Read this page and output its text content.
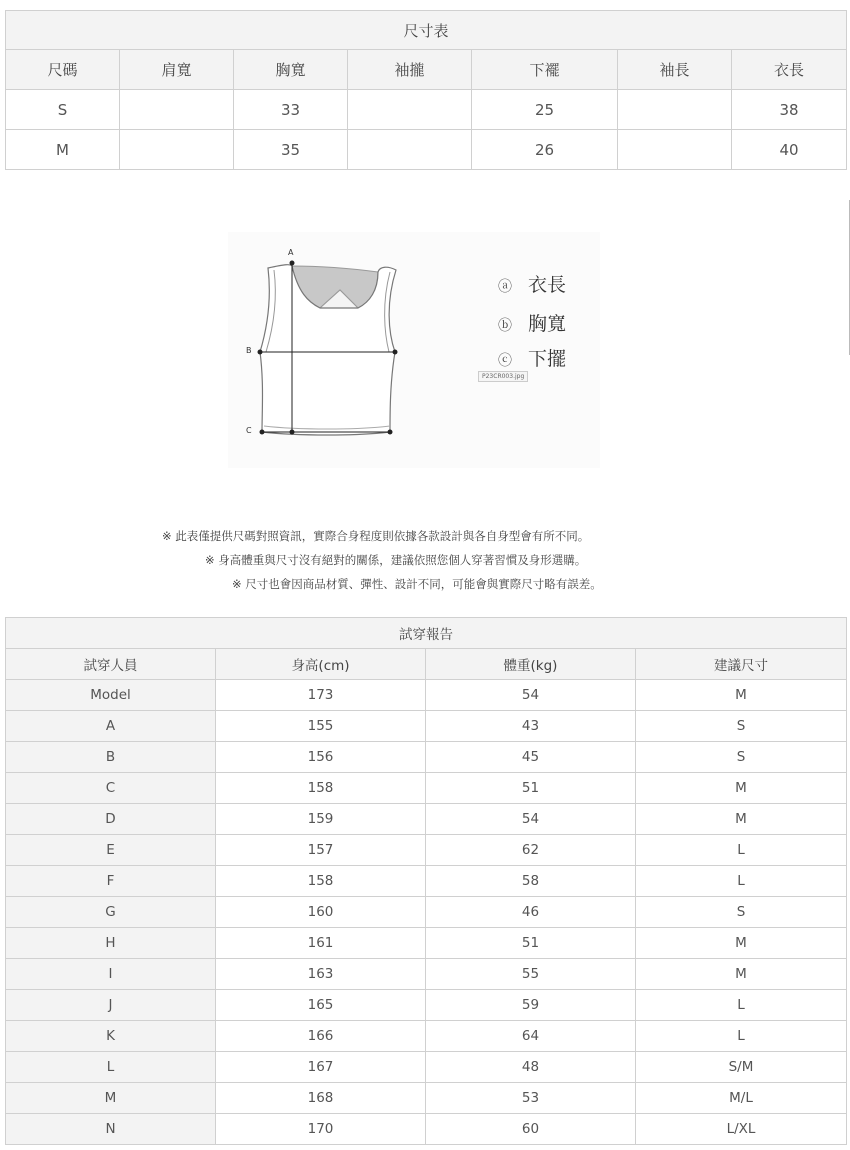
尺寸表						
尺碼	肩寬	胸寬	袖攏	下襬	袖長	衣長
S		33		25		38
M		35		26		40
A
B
C
ⓐ 衣長
ⓑ 胸寬
ⓒ 下擺
P23CR003.jpg
※ 此表僅提供尺碼對照資訊，實際合身程度則依據各款設計與各自身型會有所不同。
※ 身高體重與尺寸沒有絕對的關係，建議依照您個人穿著習慣及身形選購。
※ 尺寸也會因商品材質、彈性、設計不同，可能會與實際尺寸略有誤差。
試穿報告			
試穿人員	身高(cm)	體重(kg)	建議尺寸
Model	173	54	M
A	155	43	S
B	156	45	S
C	158	51	M
D	159	54	M
E	157	62	L
F	158	58	L
G	160	46	S
H	161	51	M
I	163	55	M
J	165	59	L
K	166	64	L
L	167	48	S/M
M	168	53	M/L
N	170	60	L/XL
